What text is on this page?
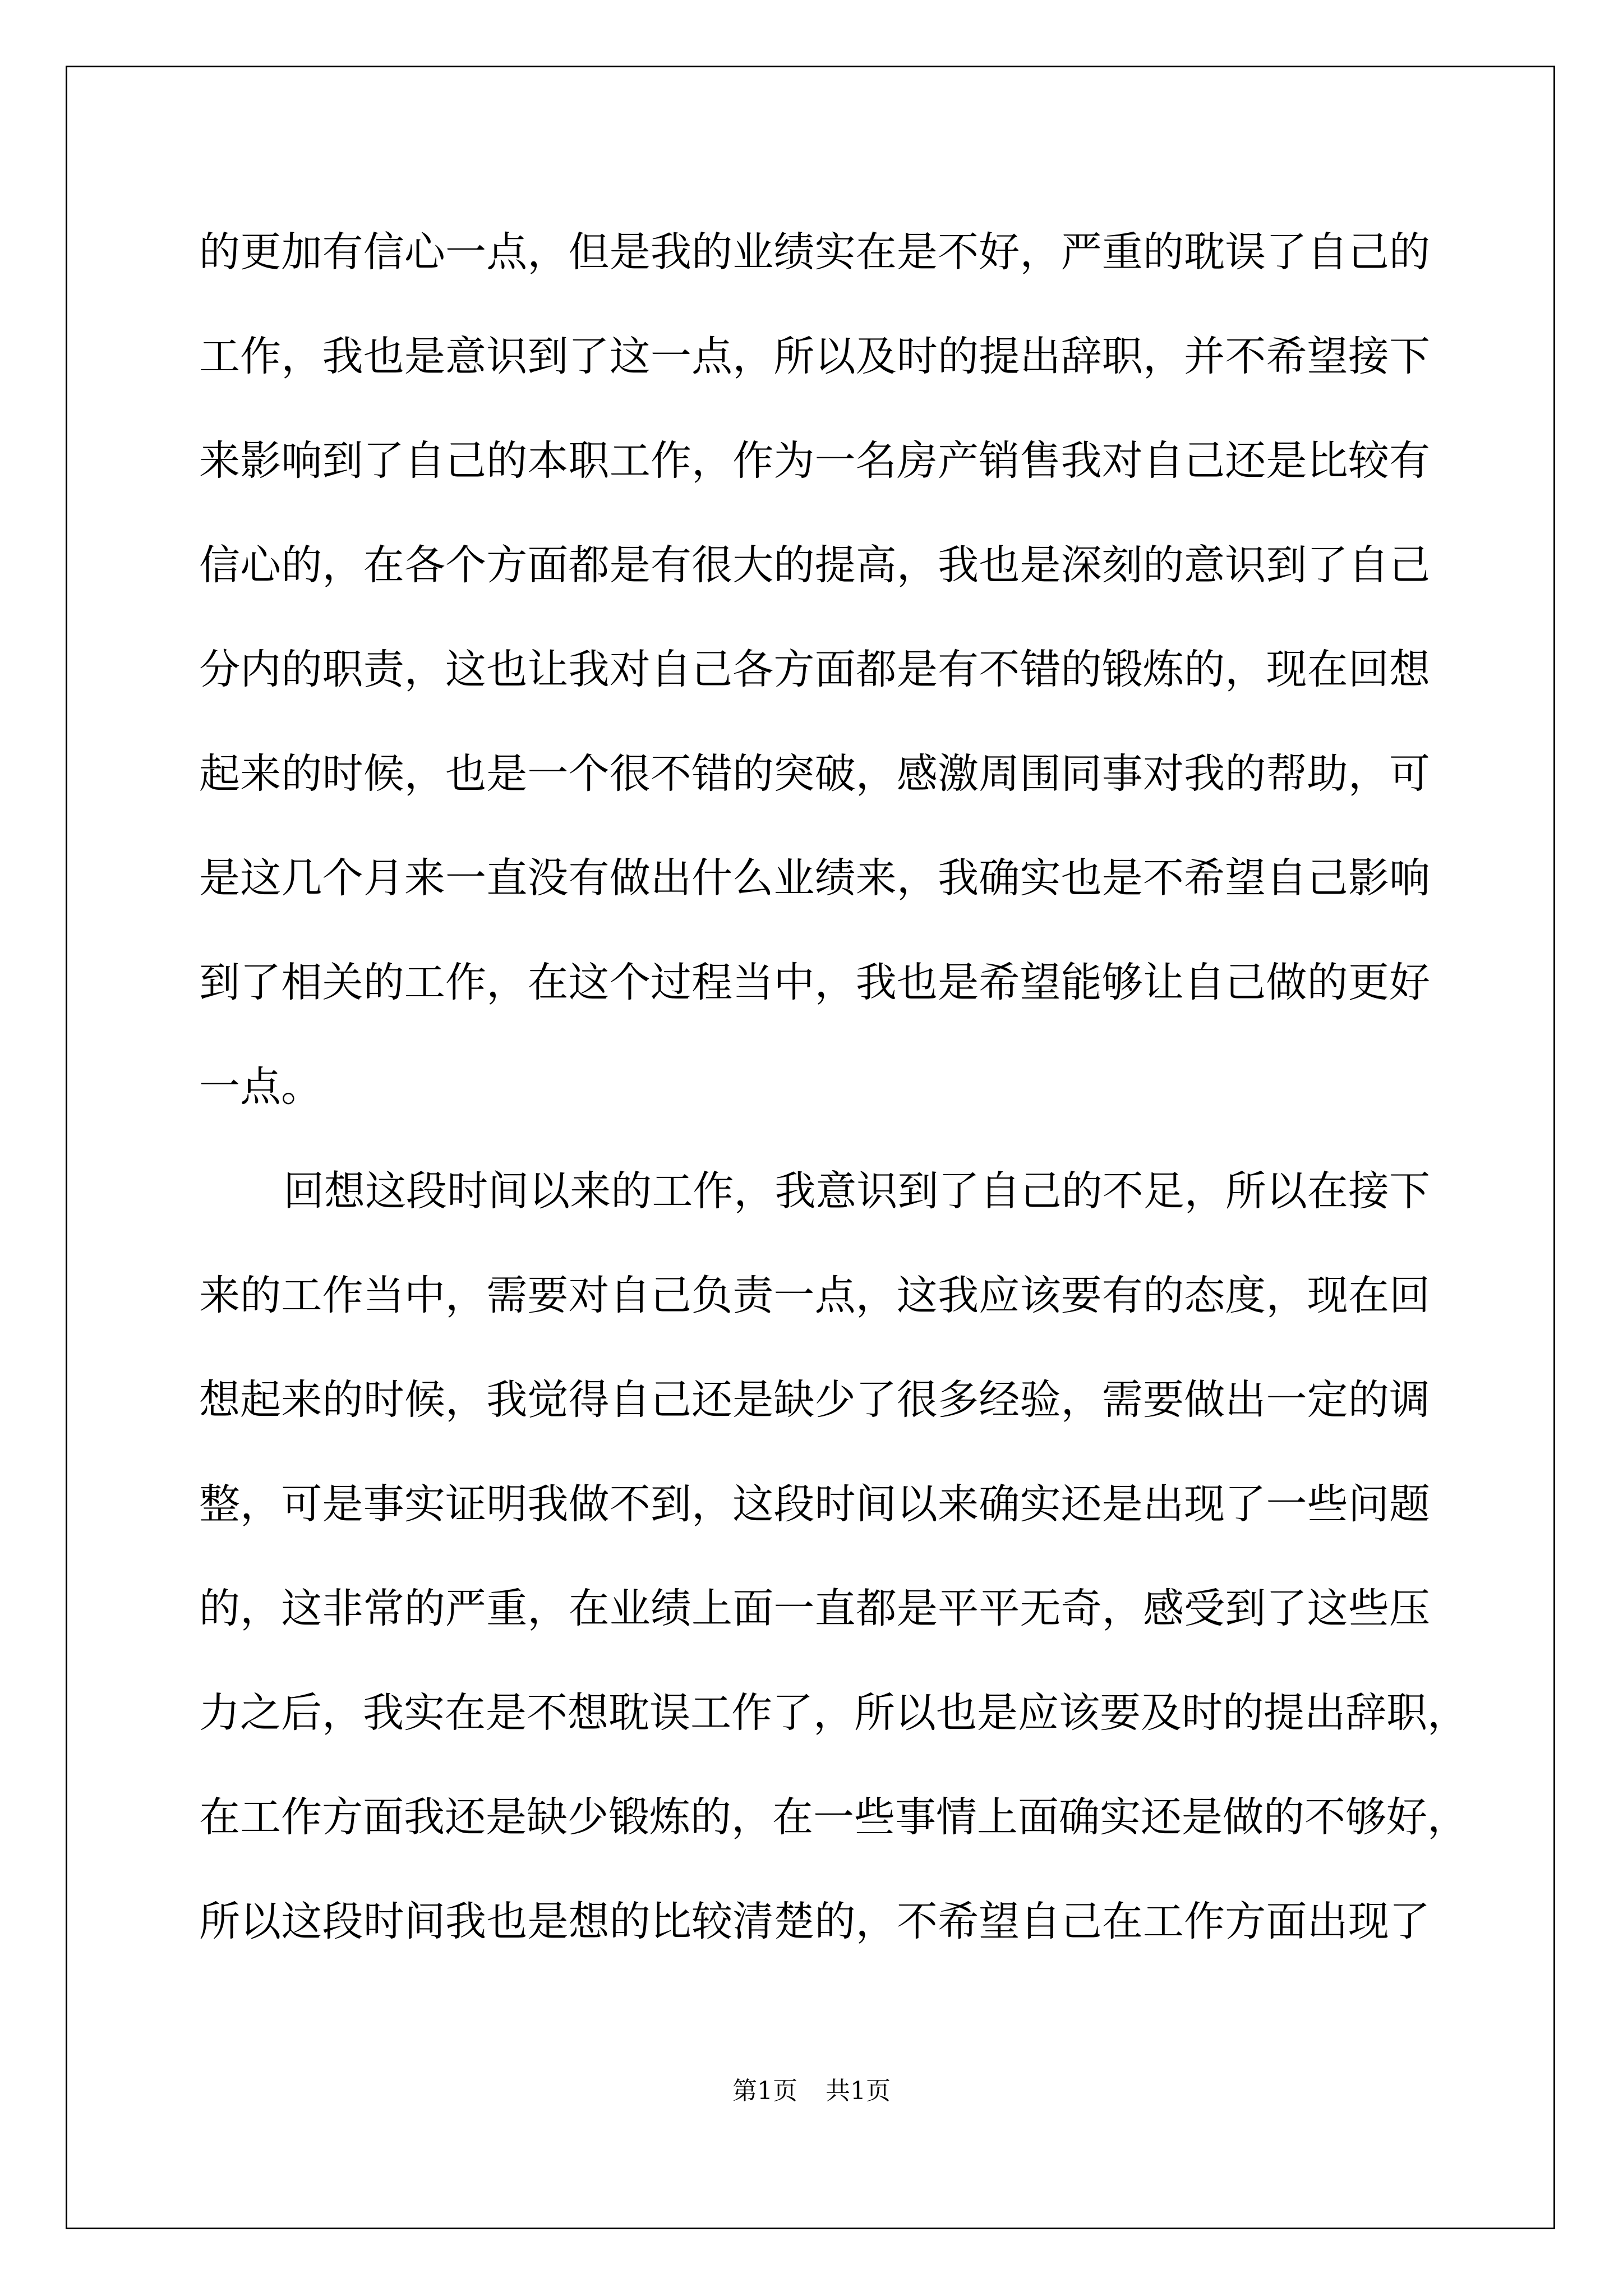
的更加有信心一点，但是我的业绩实在是不好，严重的耽误了自己的
工作，我也是意识到了这一点，所以及时的提出辞职，并不希望接下
来影响到了自己的本职工作，作为一名房产销售我对自己还是比较有
信心的，在各个方面都是有很大的提高，我也是深刻的意识到了自己
分内的职责，这也让我对自己各方面都是有不错的锻炼的，现在回想
起来的时候，也是一个很不错的突破，感激周围同事对我的帮助，可
是这几个月来一直没有做出什么业绩来，我确实也是不希望自己影响
到了相关的工作，在这个过程当中，我也是希望能够让自己做的更好
一点。
回想这段时间以来的工作，我意识到了自己的不足，所以在接下
来的工作当中，需要对自己负责一点，这我应该要有的态度，现在回
想起来的时候，我觉得自己还是缺少了很多经验，需要做出一定的调
整，可是事实证明我做不到，这段时间以来确实还是出现了一些问题
的，这非常的严重，在业绩上面一直都是平平无奇，感受到了这些压
力之后，我实在是不想耽误工作了，所以也是应该要及时的提出辞职，
在工作方面我还是缺少锻炼的，在一些事情上面确实还是做的不够好，
所以这段时间我也是想的比较清楚的，不希望自己在工作方面出现了
第1页 共1页
